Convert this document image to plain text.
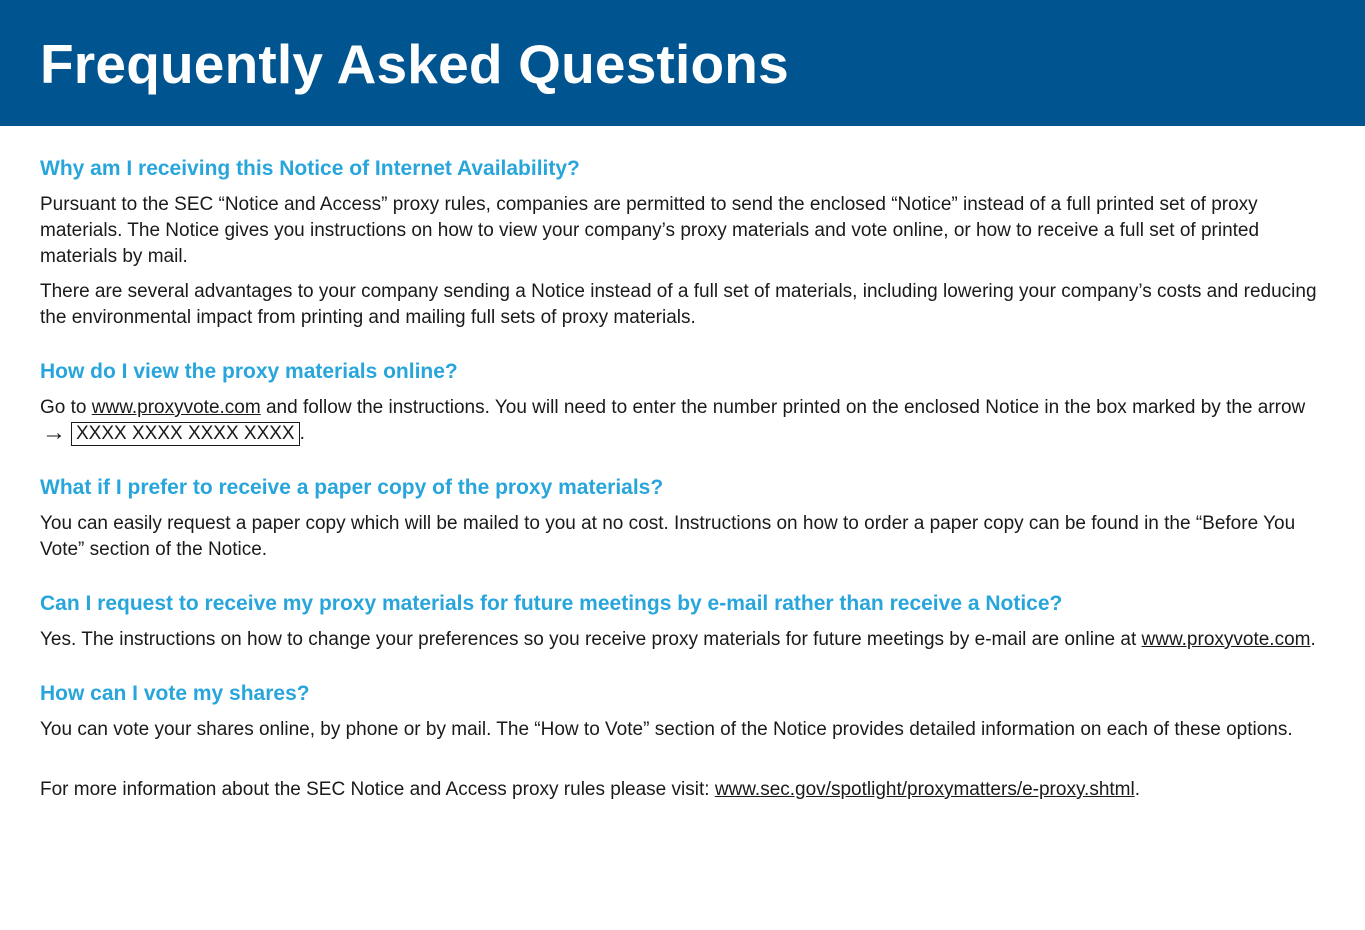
Frequently Asked Questions
Why am I receiving this Notice of Internet Availability?

Pursuant to the SEC “Notice and Access” proxy rules, companies are permitted to send the enclosed “Notice” instead of a full printed set of proxy materials. The Notice gives you instructions on how to view your company’s proxy materials and vote online, or how to receive a full set of printed materials by mail.

There are several advantages to your company sending a Notice instead of a full set of materials, including lowering your company’s costs and reducing the environmental impact from printing and mailing full sets of proxy materials.

How do I view the proxy materials online?

Go to www.proxyvote.com and follow the instructions. You will need to enter the number printed on the enclosed Notice in the box marked by the arrow → XXXX XXXX XXXX XXXX .

What if I prefer to receive a paper copy of the proxy materials?

You can easily request a paper copy which will be mailed to you at no cost. Instructions on how to order a paper copy can be found in the “Before You Vote” section of the Notice.

Can I request to receive my proxy materials for future meetings by e-mail rather than receive a Notice?

Yes. The instructions on how to change your preferences so you receive proxy materials for future meetings by e-mail are online at www.proxyvote.com.

How can I vote my shares?

You can vote your shares online, by phone or by mail. The “How to Vote” section of the Notice provides detailed information on each of these options.

For more information about the SEC Notice and Access proxy rules please visit: www.sec.gov/spotlight/proxymatters/e-proxy.shtml.
